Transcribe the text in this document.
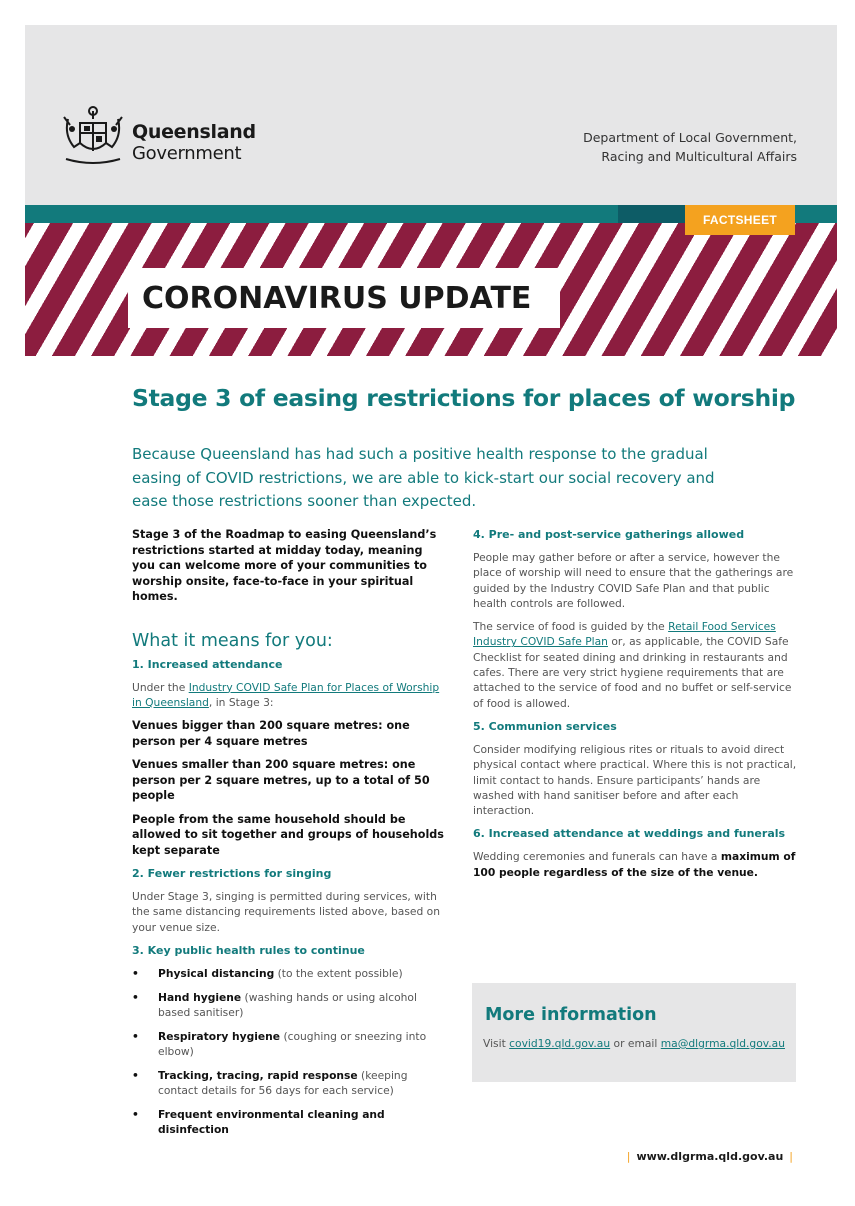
Queensland
Government
Department of Local Government,
Racing and Multicultural Affairs
FACTSHEET
CORONAVIRUS UPDATE
Stage 3 of easing restrictions for places of worship

Because Queensland has had such a positive health response to the gradual easing of COVID restrictions, we are able to kick-start our social recovery and ease those restrictions sooner than expected.

Stage 3 of the Roadmap to easing Queensland’s restrictions started at midday today, meaning you can welcome more of your communities to worship onsite, face-to-face in your spiritual homes.

What it means for you:
1. Increased attendance

Under the Industry COVID Safe Plan for Places of Worship in Queensland, in Stage 3:

Venues bigger than 200 square metres: one person per 4 square metres

Venues smaller than 200 square metres: one person per 2 square metres, up to a total of 50 people

People from the same household should be allowed to sit together and groups of households kept separate

2. Fewer restrictions for singing

Under Stage 3, singing is permitted during services, with the same distancing requirements listed above, based on your venue size.

3. Key public health rules to continue
• Physical distancing (to the extent possible)
• Hand hygiene (washing hands or using alcohol based sanitiser)
• Respiratory hygiene (coughing or sneezing into elbow)
• Tracking, tracing, rapid response (keeping contact details for 56 days for each service)
• Frequent environmental cleaning and disinfection
4. Pre- and post-service gatherings allowed

People may gather before or after a service, however the place of worship will need to ensure that the gatherings are guided by the Industry COVID Safe Plan and that public health controls are followed.

The service of food is guided by the Retail Food Services Industry COVID Safe Plan or, as applicable, the COVID Safe Checklist for seated dining and drinking in restaurants and cafes. There are very strict hygiene requirements that are attached to the service of food and no buffet or self-service of food is allowed.

5. Communion services

Consider modifying religious rites or rituals to avoid direct physical contact where practical. Where this is not practical, limit contact to hands. Ensure participants’ hands are washed with hand sanitiser before and after each interaction.

6. Increased attendance at weddings and funerals

Wedding ceremonies and funerals can have a maximum of 100 people regardless of the size of the venue.

More information
Visit covid19.qld.gov.au or email ma@dlgrma.qld.gov.au
| www.dlgrma.qld.gov.au |
